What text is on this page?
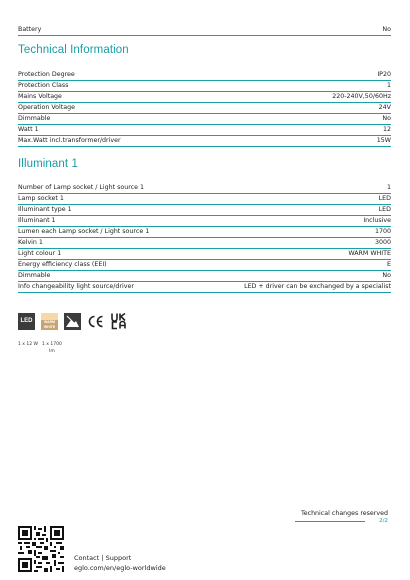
Battery	No
Technical Information
Protection Degree	IP20
Protection Class	1
Mains Voltage	220-240V,50/60Hz
Operation Voltage	24V
Dimmable	No
Watt 1	12
Max.Watt incl.transformer/driver	15W
Illuminant 1
Number of Lamp socket / Light source 1	1
Lamp socket 1	LED
Illuminant type 1	LED
Illuminant 1	Inclusive
Lumen each Lamp socket / Light source 1	1700
Kelvin 1	3000
Light colour 1	WARM WHITE
Energy efficiency class (EEI)	E
Dimmable	No
Info changeability light source/driver	LED + driver can be exchanged by a specialist
LED	WARM WHITE
1 x 12 W 1 x 1700
lm
Technical changes reserved
2/2
Contact | Support
eglo.com/en/eglo-worldwide
